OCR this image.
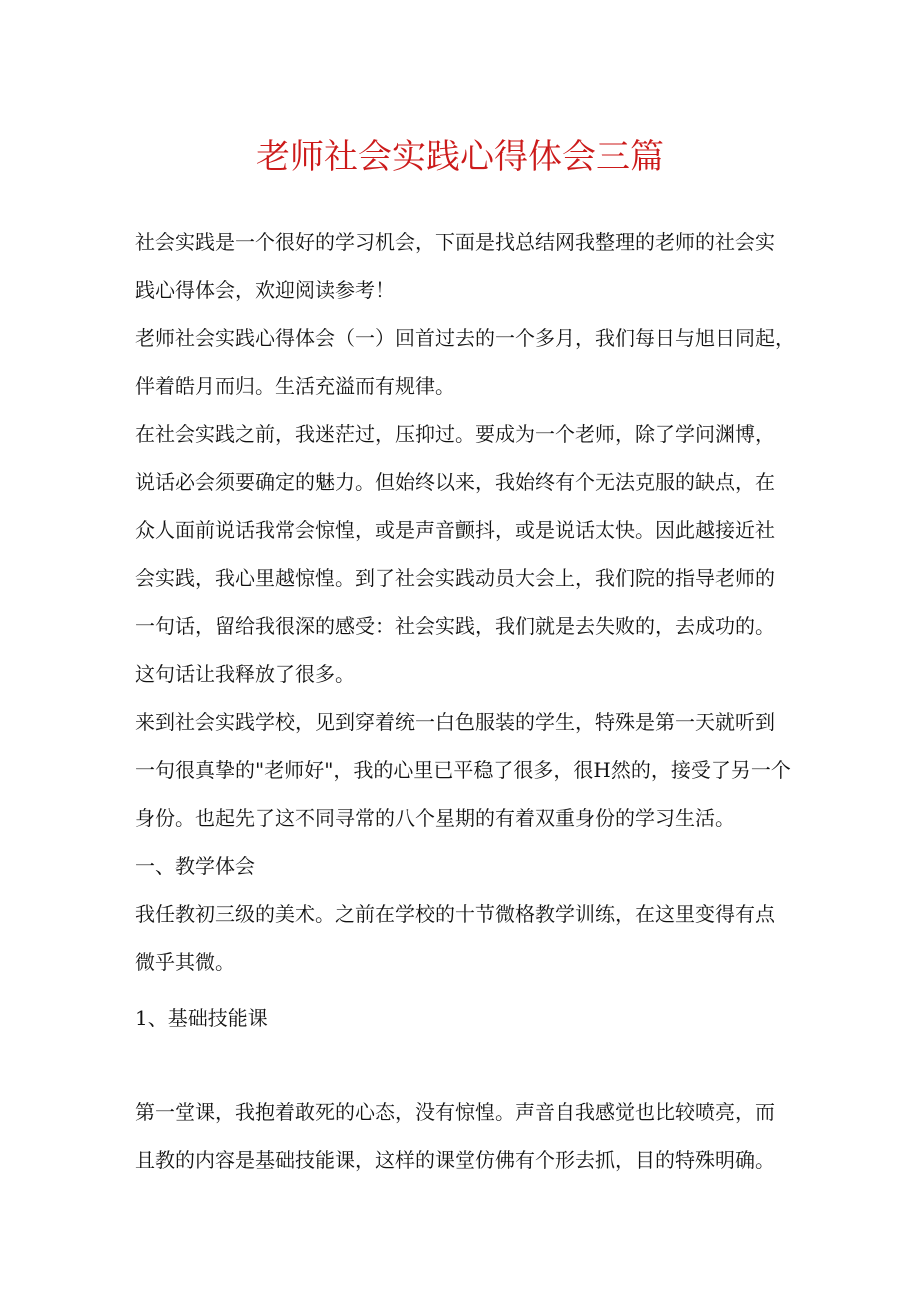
老师社会实践心得体会三篇
社会实践是一个很好的学习机会，下面是找总结网我整理的老师的社会实
践心得体会，欢迎阅读参考！
老师社会实践心得体会（一）回首过去的一个多月，我们每日与旭日同起，
伴着皓月而归。生活充溢而有规律。
在社会实践之前，我迷茫过，压抑过。要成为一个老师，除了学问渊博，
说话必会须要确定的魅力。但始终以来，我始终有个无法克服的缺点，在
众人面前说话我常会惊惶，或是声音颤抖，或是说话太快。因此越接近社
会实践，我心里越惊惶。到了社会实践动员大会上，我们院的指导老师的
一句话，留给我很深的感受：社会实践，我们就是去失败的，去成功的。
这句话让我释放了很多。
来到社会实践学校，见到穿着统一白色服装的学生，特殊是第一天就听到
一句很真挚的"老师好"，我的心里已平稳了很多，很H然的，接受了另一个
身份。也起先了这不同寻常的八个星期的有着双重身份的学习生活。
一、教学体会
我任教初三级的美术。之前在学校的十节微格教学训练，在这里变得有点
微乎其微。
1、基础技能课
第一堂课，我抱着敢死的心态，没有惊惶。声音自我感觉也比较喷亮，而
且教的内容是基础技能课，这样的课堂仿佛有个形去抓，目的特殊明确。
